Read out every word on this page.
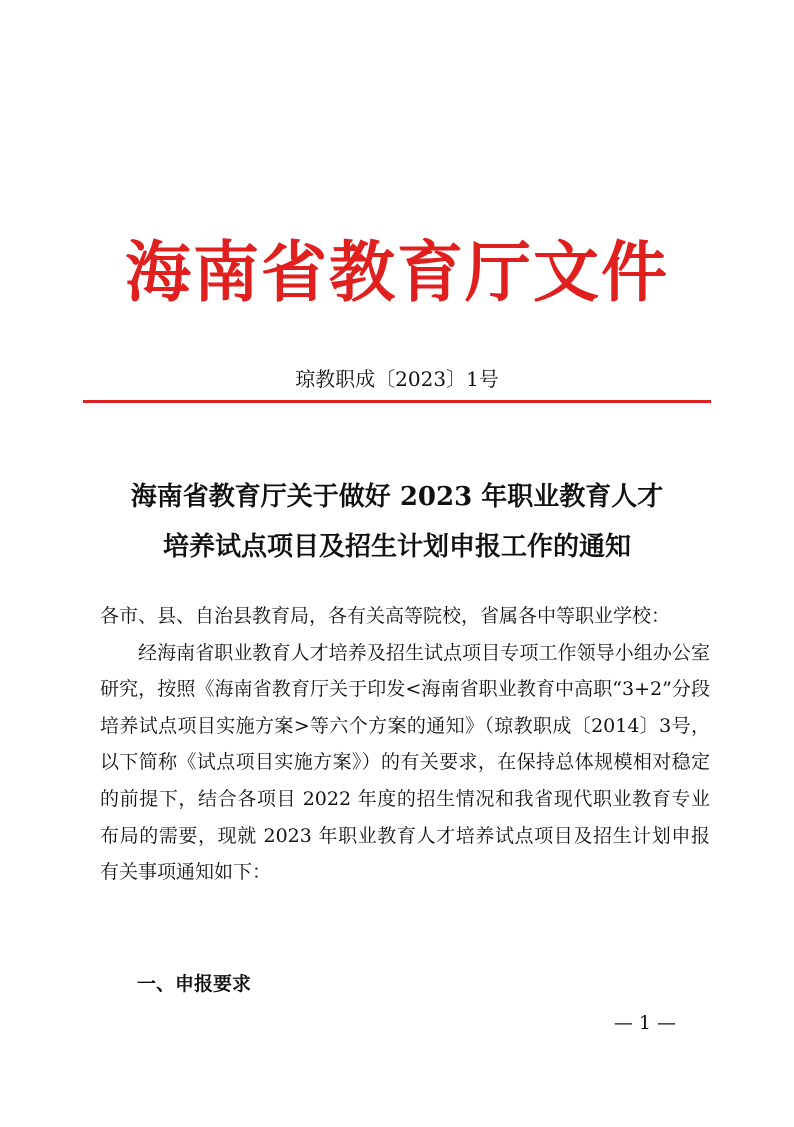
海南省教育厅文件
琼教职成〔2023〕1号
海南省教育厅关于做好 2023 年职业教育人才
培养试点项目及招生计划申报工作的通知

各市、县、自治县教育局，各有关高等院校，省属各中等职业学校：

经海南省职业教育人才培养及招生试点项目专项工作领导小组办公室研究，按照《海南省教育厅关于印发<海南省职业教育中高职“3+2”分段培养试点项目实施方案>等六个方案的通知》（琼教职成〔2014〕3号，以下简称《试点项目实施方案》）的有关要求，在保持总体规模相对稳定的前提下，结合各项目 2022 年度的招生情况和我省现代职业教育专业布局的需要，现就 2023 年职业教育人才培养试点项目及招生计划申报有关事项通知如下：

一、申报要求
— 1 —
